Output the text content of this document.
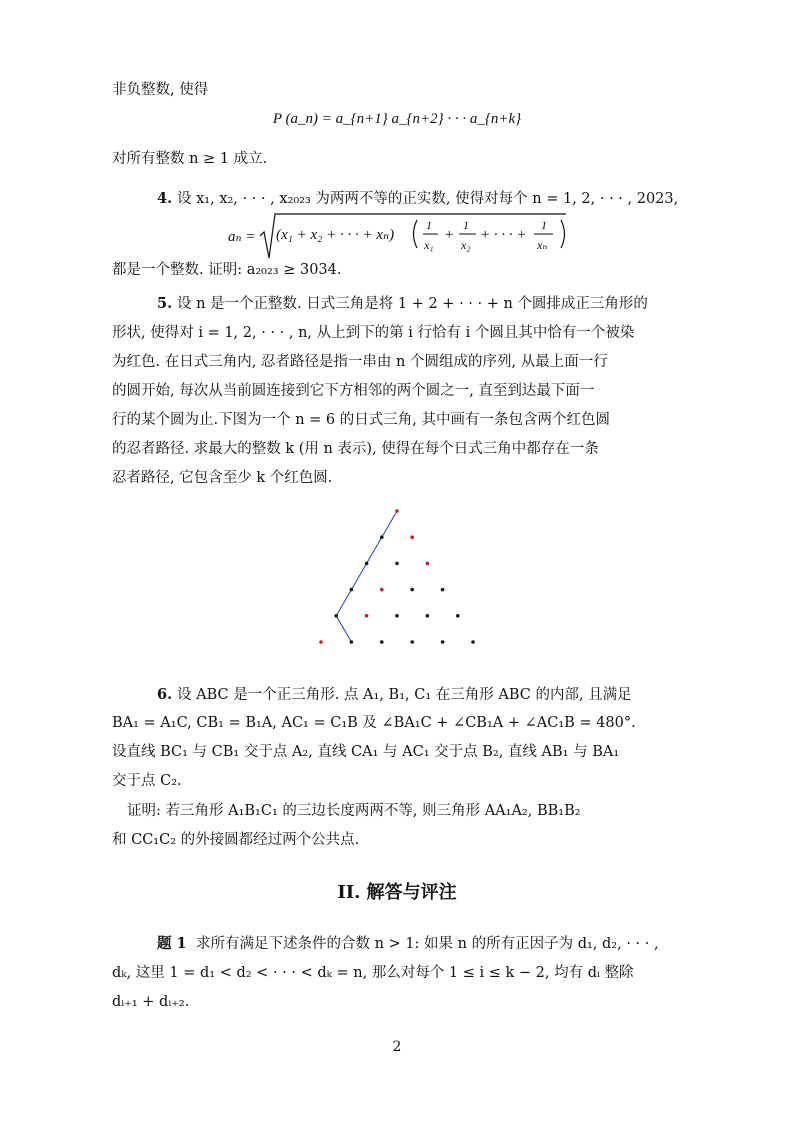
非负整数, 使得
P (a_n) = a_{n+1} a_{n+2} · · · a_{n+k}
对所有整数 n ≥ 1 成立.
4. 设 x₁, x₂, · · · , x₂₀₂₃ 为两两不等的正实数, 使得对每个 n = 1, 2, · · · , 2023,
aₙ = (x₁ + x₂ + · · · + xₙ)
1
x₁
+
1
x₂
+ · · · +
1
xₙ
都是一个整数. 证明: a₂₀₂₃ ≥ 3034.
5. 设 n 是一个正整数. 日式三角是将 1 + 2 + · · · + n 个圆排成正三角形的
形状, 使得对 i = 1, 2, · · · , n, 从上到下的第 i 行恰有 i 个圆且其中恰有一个被染
为红色. 在日式三角内, 忍者路径是指一串由 n 个圆组成的序列, 从最上面一行
的圆开始, 每次从当前圆连接到它下方相邻的两个圆之一, 直至到达最下面一
行的某个圆为止.下图为一个 n = 6 的日式三角, 其中画有一条包含两个红色圆
的忍者路径. 求最大的整数 k (用 n 表示), 使得在每个日式三角中都存在一条
忍者路径, 它包含至少 k 个红色圆.
6. 设 ABC 是一个正三角形. 点 A₁, B₁, C₁ 在三角形 ABC 的内部, 且满足
BA₁ = A₁C, CB₁ = B₁A, AC₁ = C₁B 及 ∠BA₁C + ∠CB₁A + ∠AC₁B = 480°.
设直线 BC₁ 与 CB₁ 交于点 A₂, 直线 CA₁ 与 AC₁ 交于点 B₂, 直线 AB₁ 与 BA₁
交于点 C₂.
证明: 若三角形 A₁B₁C₁ 的三边长度两两不等, 则三角形 AA₁A₂, BB₁B₂
和 CC₁C₂ 的外接圆都经过两个公共点.
II. 解答与评注
题 1 求所有满足下述条件的合数 n > 1: 如果 n 的所有正因子为 d₁, d₂, · · · ,
dₖ, 这里 1 = d₁ < d₂ < · · · < dₖ = n, 那么对每个 1 ≤ i ≤ k − 2, 均有 dᵢ 整除
dᵢ₊₁ + dᵢ₊₂.
2
